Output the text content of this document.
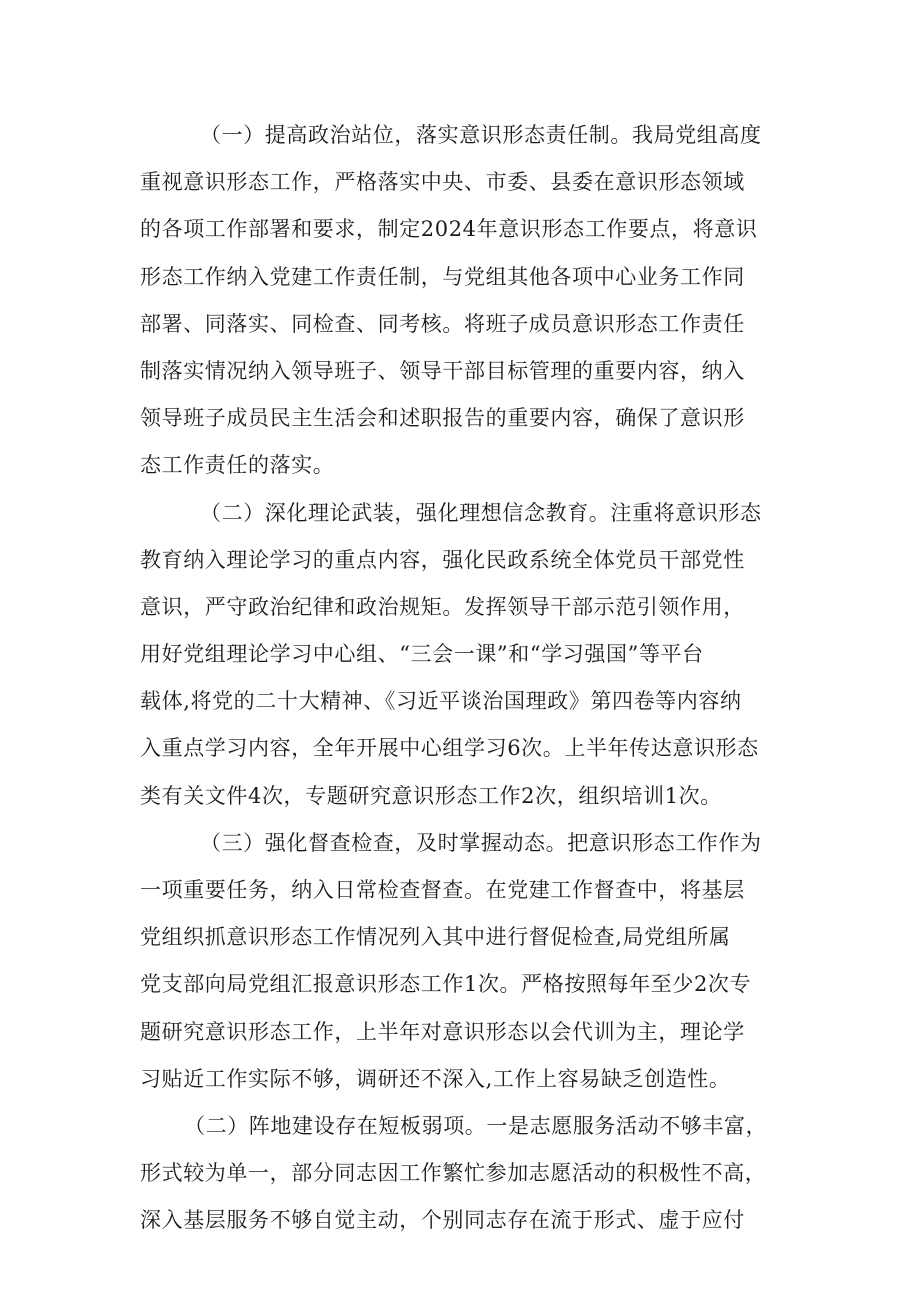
（一）提高政治站位，落实意识形态责任制。我局党组高度
重视意识形态工作，严格落实中央、市委、县委在意识形态领域
的各项工作部署和要求，制定2024年意识形态工作要点，将意识
形态工作纳入党建工作责任制，与党组其他各项中心业务工作同
部署、同落实、同检查、同考核。将班子成员意识形态工作责任
制落实情况纳入领导班子、领导干部目标管理的重要内容，纳入
领导班子成员民主生活会和述职报告的重要内容，确保了意识形
态工作责任的落实。
（二）深化理论武装，强化理想信念教育。注重将意识形态
教育纳入理论学习的重点内容，强化民政系统全体党员干部党性
意识，严守政治纪律和政治规矩。发挥领导干部示范引领作用，
用好党组理论学习中心组、“三会一课”和“学习强国”等平台
载体,将党的二十大精神、《习近平谈治国理政》第四卷等内容纳
入重点学习内容，全年开展中心组学习6次。上半年传达意识形态
类有关文件4次，专题研究意识形态工作2次，组织培训1次。
（三）强化督查检查，及时掌握动态。把意识形态工作作为
一项重要任务，纳入日常检查督查。在党建工作督查中，将基层
党组织抓意识形态工作情况列入其中进行督促检查,局党组所属
党支部向局党组汇报意识形态工作1次。严格按照每年至少2次专
题研究意识形态工作，上半年对意识形态以会代训为主，理论学
习贴近工作实际不够，调研还不深入,工作上容易缺乏创造性。
（二）阵地建设存在短板弱项。一是志愿服务活动不够丰富，
形式较为单一，部分同志因工作繁忙参加志愿活动的积极性不高，
深入基层服务不够自觉主动，个别同志存在流于形式、虚于应付
